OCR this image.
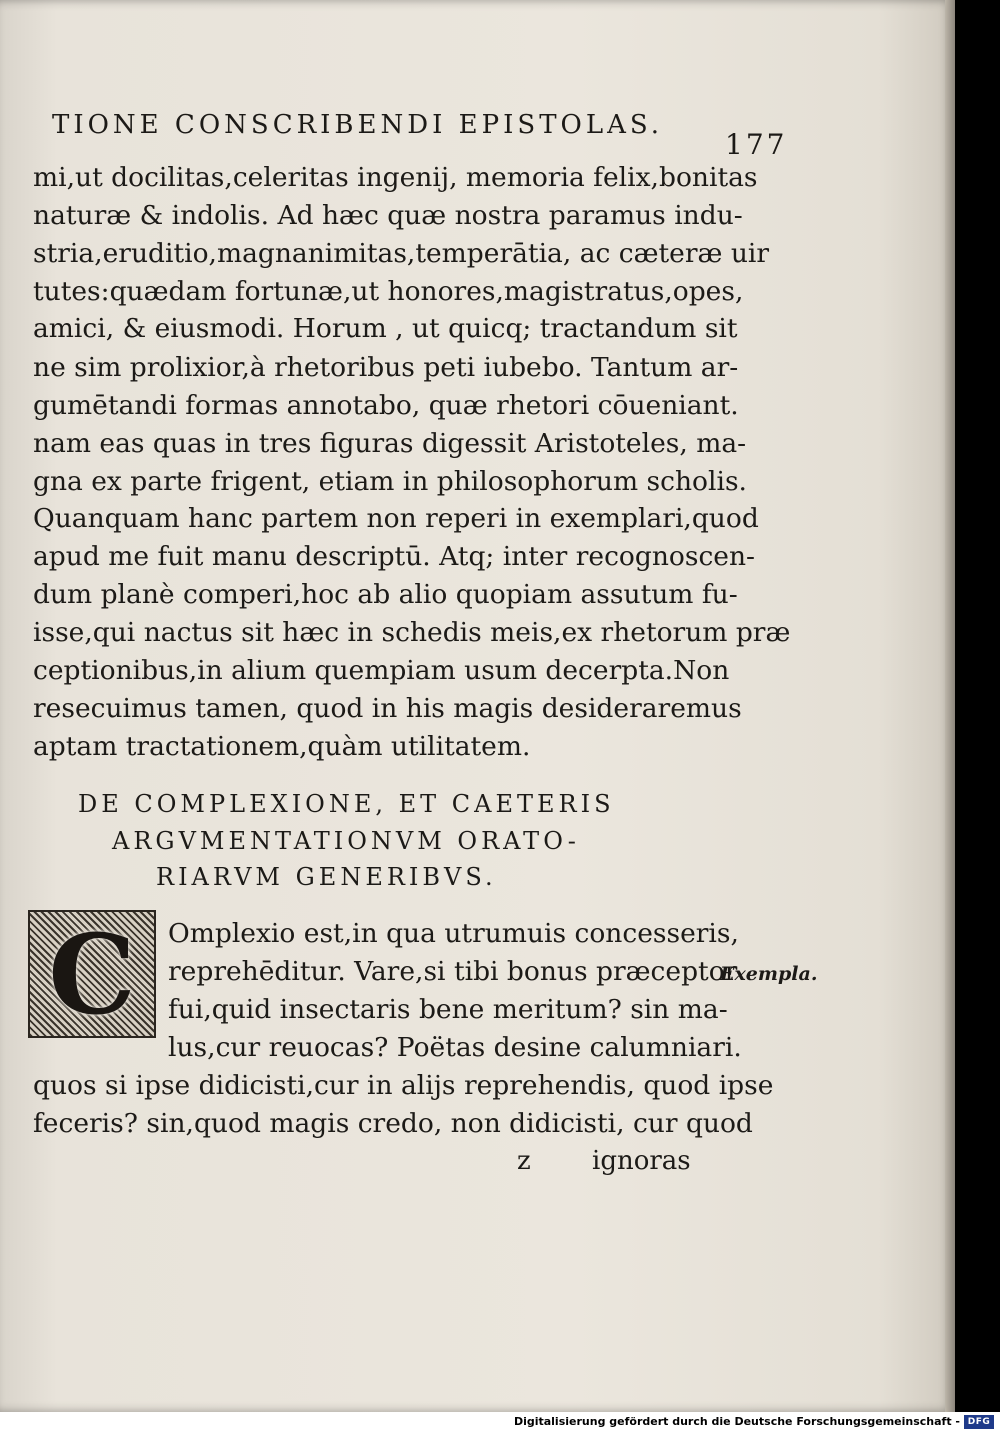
TIONE CONSCRIBENDI EPISTOLAS.
177
mi,ut docilitas,celeritas ingenij, memoria felix,bonitas
naturæ & indolis. Ad hæc quæ nostra paramus indu-
stria,eruditio,magnanimitas,temperātia, ac cæteræ uir
tutes:quædam fortunæ,ut honores,magistratus,opes,
amici, & eiusmodi. Horum , ut quicq; tractandum sit
ne sim prolixior,à rhetoribus peti iubebo. Tantum ar-
gumētandi formas annotabo, quæ rhetori cōueniant.
nam eas quas in tres figuras digessit Aristoteles, ma-
gna ex parte frigent, etiam in philosophorum scholis.
Quanquam hanc partem non reperi in exemplari,quod
apud me fuit manu descriptū. Atq; inter recognoscen-
dum planè comperi,hoc ab alio quopiam assutum fu-
isse,qui nactus sit hæc in schedis meis,ex rhetorum præ
ceptionibus,in alium quempiam usum decerpta.Non
resecuimus tamen, quod in his magis desideraremus
aptam tractationem,quàm utilitatem.
DE COMPLEXIONE, ET CAETERIS
ARGVMENTATIONVM ORATO-
RIARVM GENERIBVS.
C	Omplexio est,in qua utrumuis concesseris,
reprehēditur. Vare,si tibi bonus præceptor
fui,quid insectaris bene meritum? sin ma-
lus,cur reuocas? Poëtas desine calumniari.
Exempla.
quos si ipse didicisti,cur in alijs reprehendis, quod ipse
feceris? sin,quod magis credo, non didicisti, cur quod
z ignoras
Digitalisierung gefördert durch die Deutsche Forschungsgemeinschaft - DFG
